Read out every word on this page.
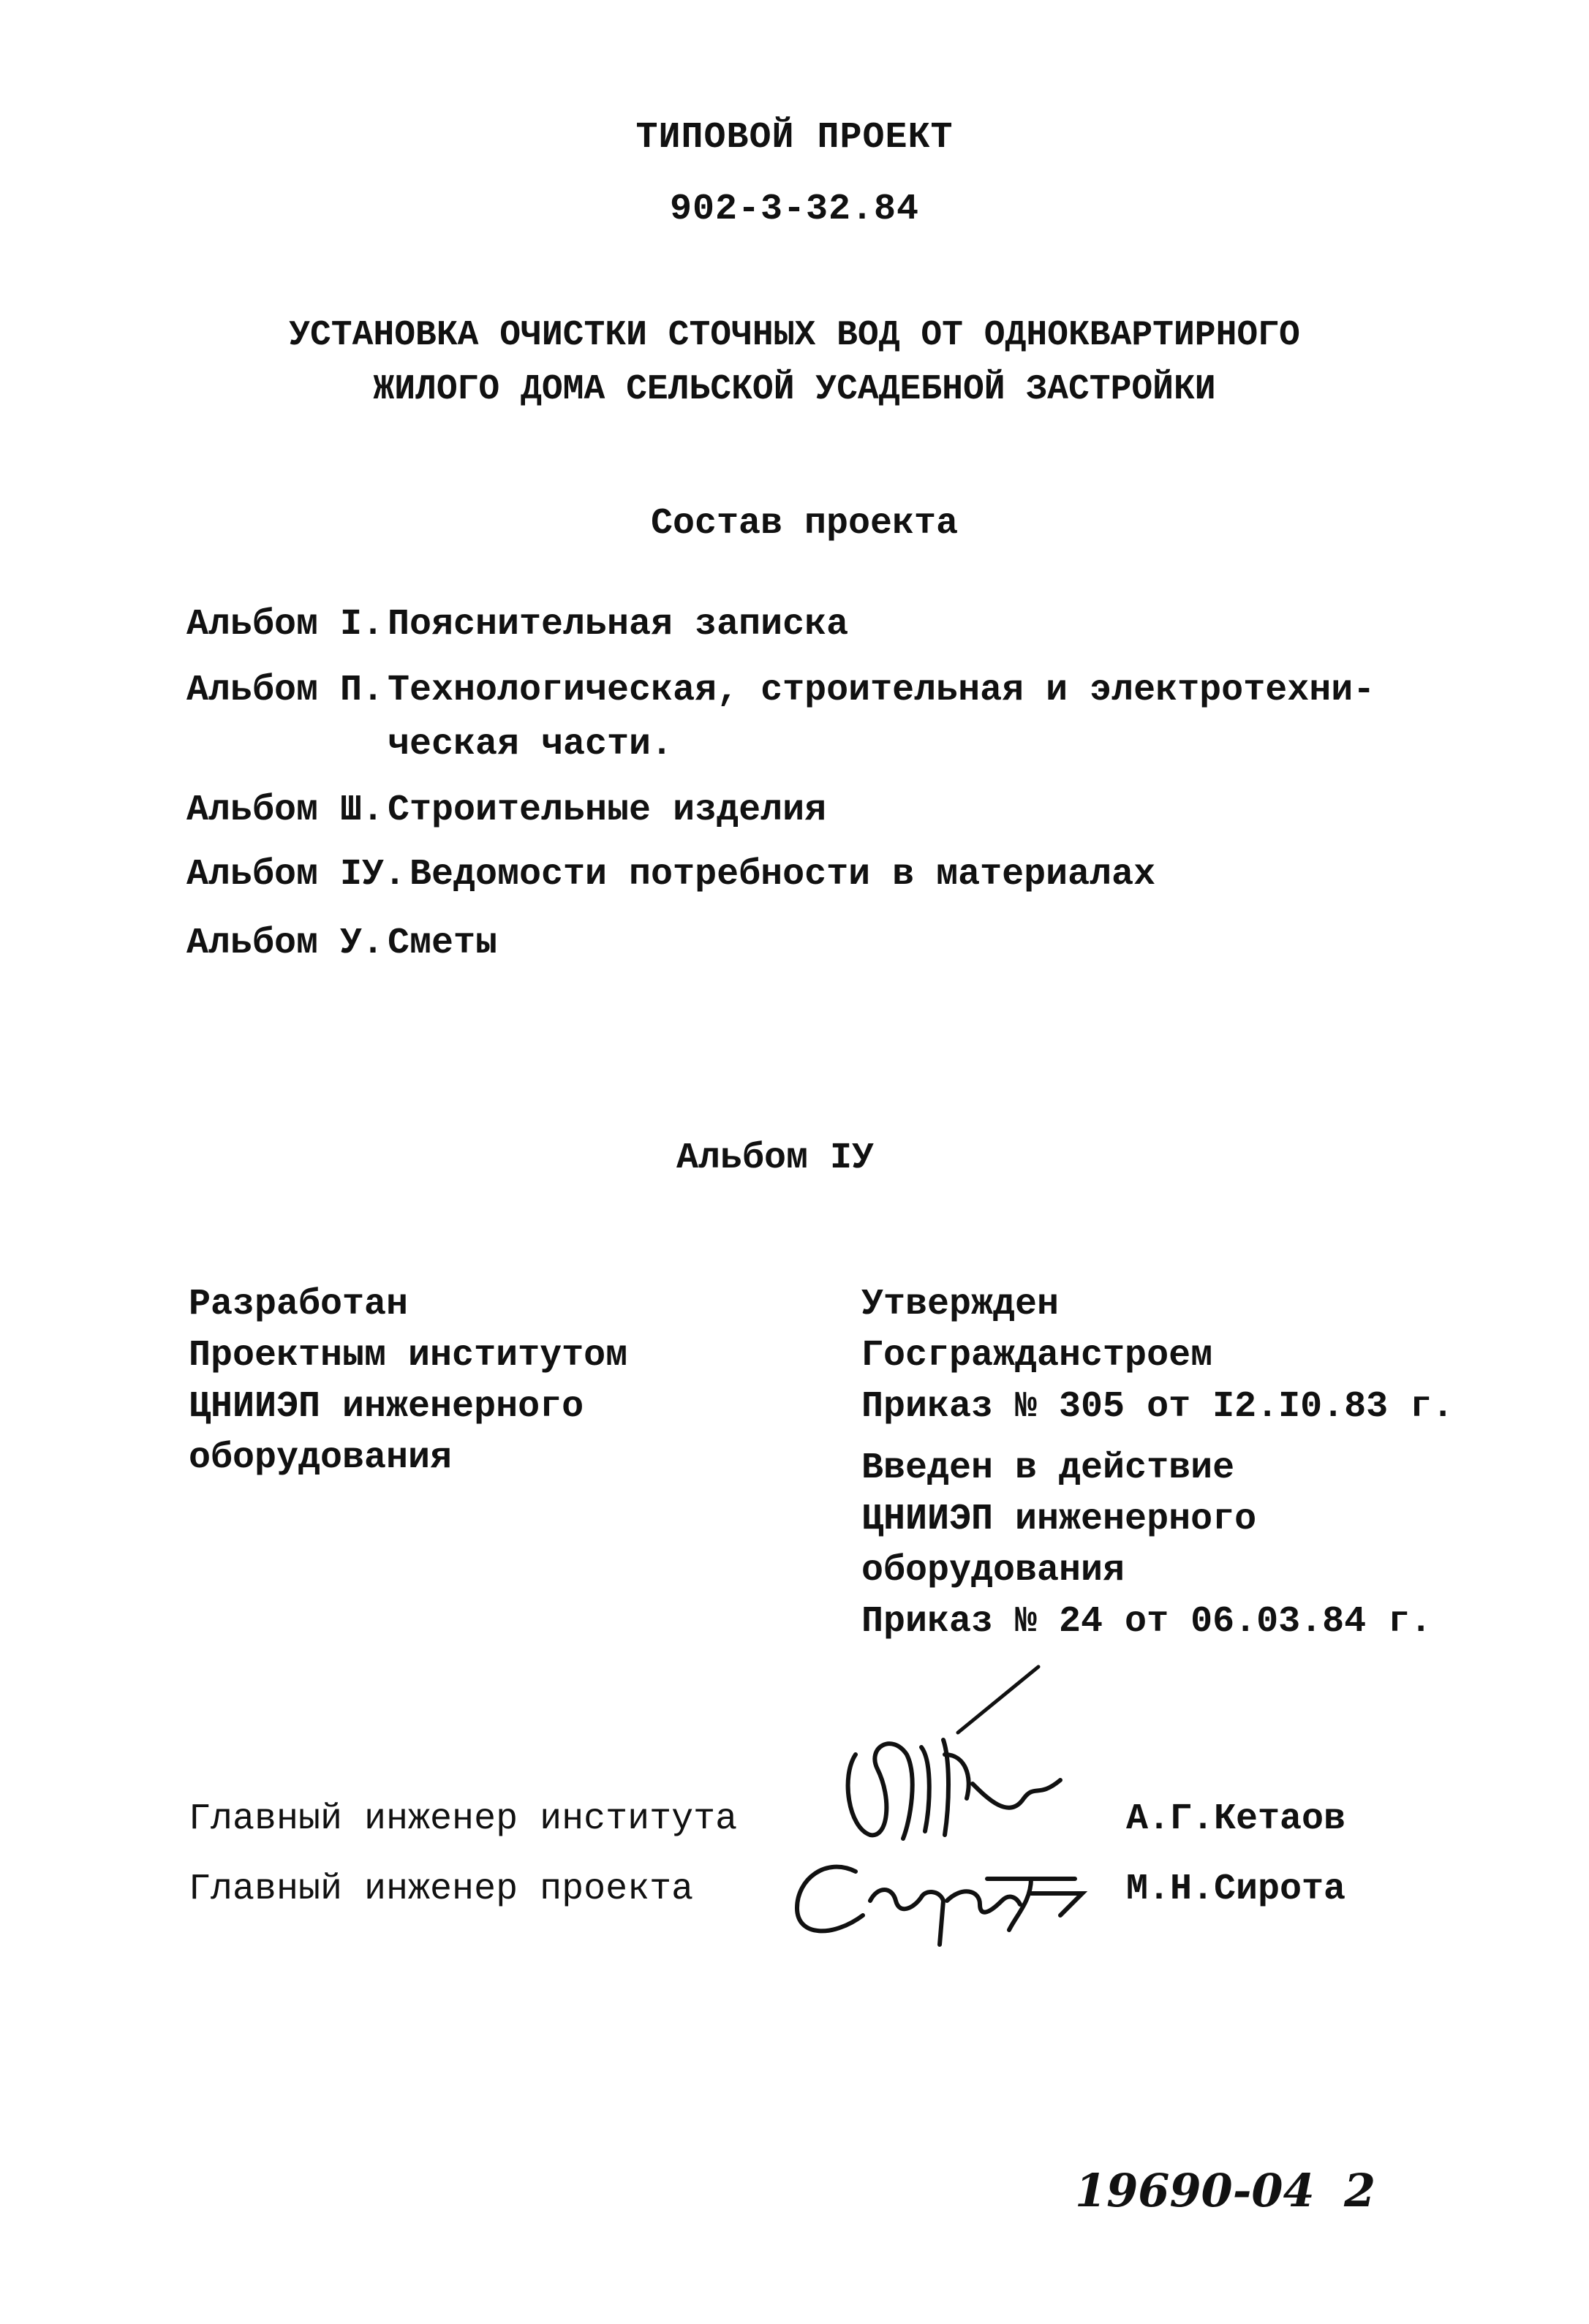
ТИПОВОЙ ПРОЕКТ
902-3-32.84
УСТАНОВКА ОЧИСТКИ СТОЧНЫХ ВОД ОТ ОДНОКВАРТИРНОГО
ЖИЛОГО ДОМА СЕЛЬСКОЙ УСАДЕБНОЙ ЗАСТРОЙКИ
Состав проекта
Альбом I. Пояснительная записка
Альбом П. Технологическая, строительная и электротехни-
ческая части.
Альбом Ш. Строительные изделия
Альбом IУ. Ведомости потребности в материалах
Альбом У. Сметы
Альбом IУ
Разработан
Проектным институтом
ЦНИИЭП инженерного
оборудования
Утвержден
Госгражданстроем
Приказ № 305 от I2.I0.83 г.
Введен в действие
ЦНИИЭП инженерного
оборудования
Приказ № 24 от 06.03.84 г.
Главный инженер института	А.Г.Кетаов
Главный инженер проекта	М.Н.Сирота
19690-04 2
